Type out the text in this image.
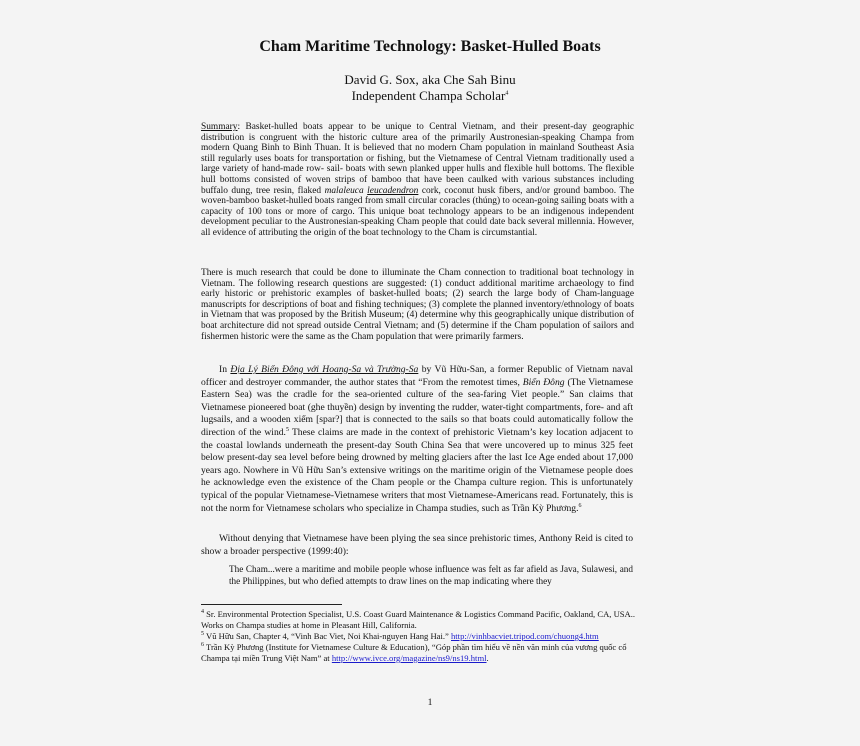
Cham Maritime Technology: Basket-Hulled Boats
David G. Sox, aka Che Sah Binu
Independent Champa Scholar$^4$
Summary: Basket-hulled boats appear to be unique to Central Vietnam, and their present-day geographic distribution is congruent with the historic culture area of the primarily Austronesian-speaking Champa from modern Quang Binh to Binh Thuan. It is believed that no modern Cham population in mainland Southeast Asia still regularly uses boats for transportation or fishing, but the Vietnamese of Central Vietnam traditionally used a large variety of hand-made row- sail- boats with sewn planked upper hulls and flexible hull bottoms. The flexible hull bottoms consisted of woven strips of bamboo that have been caulked with various substances including buffalo dung, tree resin, flaked malaleuca leucadendron cork, coconut husk fibers, and/or ground bamboo. The woven-bamboo basket-hulled boats ranged from small circular coracles (thúng) to ocean-going sailing boats with a capacity of 100 tons or more of cargo. This unique boat technology appears to be an indigenous independent development peculiar to the Austronesian-speaking Cham people that could date back several millennia. However, all evidence of attributing the origin of the boat technology to the Cham is circumstantial.
There is much research that could be done to illuminate the Cham connection to traditional boat technology in Vietnam. The following research questions are suggested: (1) conduct additional maritime archaeology to find early historic or prehistoric examples of basket-hulled boats; (2) search the large body of Cham-language manuscripts for descriptions of boat and fishing techniques; (3) complete the planned inventory/ethnology of boats in Vietnam that was proposed by the British Museum; (4) determine why this geographically unique distribution of boat architecture did not spread outside Central Vietnam; and (5) determine if the Cham population of sailors and fishermen historic were the same as the Cham population that were primarily farmers.
In Địa Lý Biển Đông với Hoang-Sa và Trường-Sa by Vũ Hữu-San, a former Republic of Vietnam naval officer and destroyer commander, the author states that “From the remotest times, Biển Đông (The Vietnamese Eastern Sea) was the cradle for the sea-oriented culture of the sea-faring Viet people.” San claims that Vietnamese pioneered boat (ghe thuyền) design by inventing the rudder, water-tight compartments, fore- and aft lugsails, and a wooden xiếm [spar?] that is connected to the sails so that boats could automatically follow the direction of the wind.$^5$ These claims are made in the context of prehistoric Vietnam’s key location adjacent to the coastal lowlands underneath the present-day South China Sea that were uncovered up to minus 325 feet below present-day sea level before being drowned by melting glaciers after the last Ice Age ended about 17,000 years ago. Nowhere in Vũ Hữu San’s extensive writings on the maritime origin of the Vietnamese people does he acknowledge even the existence of the Cham people or the Champa culture region. This is unfortunately typical of the popular Vietnamese-Vietnamese writers that most Vietnamese-Americans read. Fortunately, this is not the norm for Vietnamese scholars who specialize in Champa studies, such as Trần Kỳ Phương.$^6$
Without denying that Vietnamese have been plying the sea since prehistoric times, Anthony Reid is cited to show a broader perspective (1999:40):
The Cham...were a maritime and mobile people whose influence was felt as far afield as Java, Sulawesi, and the Philippines, but who defied attempts to draw lines on the map indicating where they

$^4$ Sr. Environmental Protection Specialist, U.S. Coast Guard Maintenance & Logistics Command Pacific, Oakland, CA, USA.. Works on Champa studies at home in Pleasant Hill, California.

$^5$ Vũ Hữu San, Chapter 4, “Vinh Bac Viet, Noi Khai-nguyen Hang Hai.” http://vinhbacviet.tripod.com/chuong4.htm

$^6$ Trần Kỳ Phương (Institute for Vietnamese Culture & Education), “Góp phần tìm hiểu về nền văn minh của vương quốc cổ Champa tại miền Trung Việt Nam” at http://www.ivce.org/magazine/ns9/ns19.html.

1
